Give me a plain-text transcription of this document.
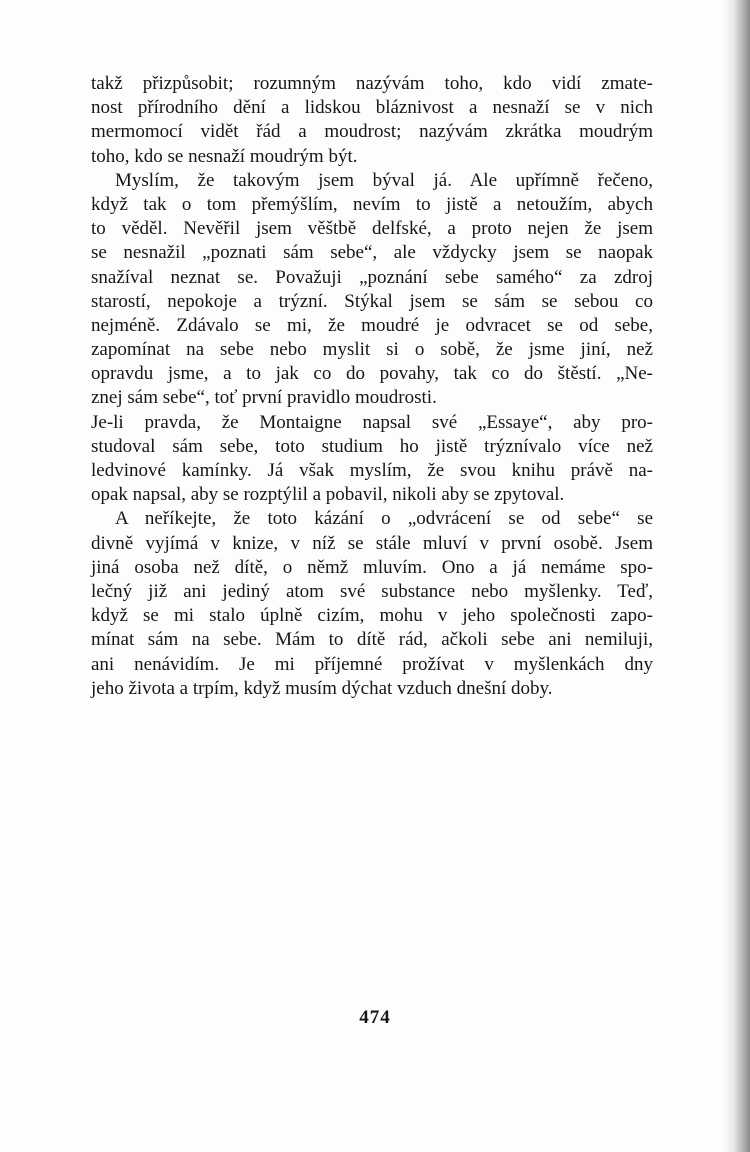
takž přizpůsobit; rozumným nazývám toho, kdo vidí zmate-
nost přírodního dění a lidskou bláznivost a nesnaží se v nich
mermomocí vidět řád a moudrost; nazývám zkrátka moudrým
toho, kdo se nesnaží moudrým být.
Myslím, že takovým jsem býval já. Ale upřímně řečeno,
když tak o tom přemýšlím, nevím to jistě a netoužím, abych
to věděl. Nevěřil jsem věštbě delfské, a proto nejen že jsem
se nesnažil „poznati sám sebe“, ale vždycky jsem se naopak
snažíval neznat se. Považuji „poznání sebe samého“ za zdroj
starostí, nepokoje a trýzní. Stýkal jsem se sám se sebou co
nejméně. Zdávalo se mi, že moudré je odvracet se od sebe,
zapomínat na sebe nebo myslit si o sobě, že jsme jiní, než
opravdu jsme, a to jak co do povahy, tak co do štěstí. „Ne-
znej sám sebe“, toť první pravidlo moudrosti.
Je-li pravda, že Montaigne napsal své „Essaye“, aby pro-
studoval sám sebe, toto studium ho jistě trýznívalo více než
ledvinové kamínky. Já však myslím, že svou knihu právě na-
opak napsal, aby se rozptýlil a pobavil, nikoli aby se zpytoval.
A neříkejte, že toto kázání o „odvrácení se od sebe“ se
divně vyjímá v knize, v níž se stále mluví v první osobě. Jsem
jiná osoba než dítě, o němž mluvím. Ono a já nemáme spo-
lečný již ani jediný atom své substance nebo myšlenky. Teď,
když se mi stalo úplně cizím, mohu v jeho společnosti zapo-
mínat sám na sebe. Mám to dítě rád, ačkoli sebe ani nemiluji,
ani nenávidím. Je mi příjemné prožívat v myšlenkách dny
jeho života a trpím, když musím dýchat vzduch dnešní doby.
474
